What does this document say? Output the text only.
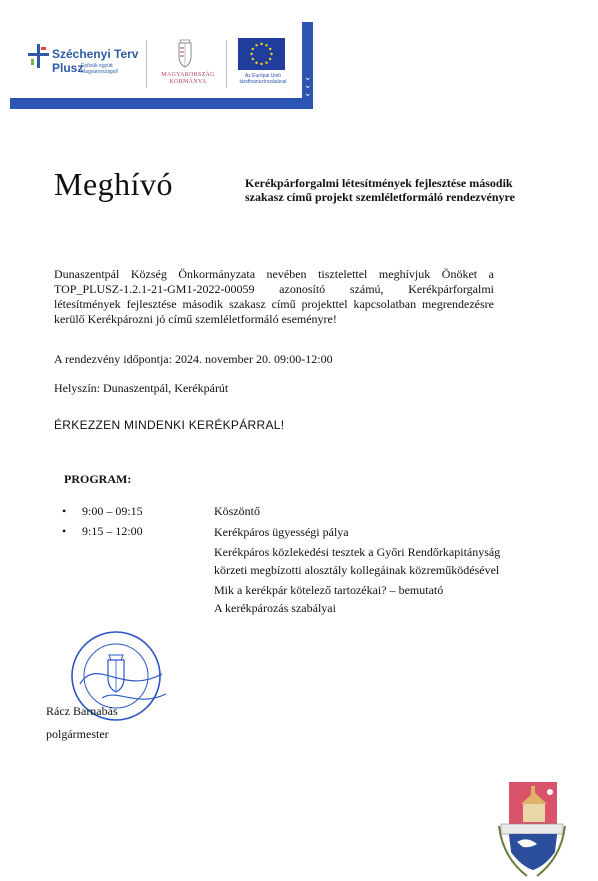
⌄
⌄
⌄
Széchenyi Terv
Plusz
Építsük együtt Magyarországot!	MAGYARORSZÁG KORMÁNYA
Az Európai Unió társfinanszírozásával
Meghívó	Kerékpárforgalmi létesítmények fejlesztése második szakasz című projekt szemléletformáló rendezvényre
Dunaszentpál Község Önkormányzata nevében tisztelettel meghívjuk Önöket a TOP_PLUSZ-1.2.1-21-GM1-2022-00059 azonosító számú, Kerékpárforgalmi létesítmények fejlesztése második szakasz című projekttel kapcsolatban megrendezésre kerülő Kerékpározni jó című szemléletformáló eseményre!
A rendezvény időpontja: 2024. november 20. 09:00-12:00
Helyszín: Dunaszentpál, Kerékpárút
ÉRKEZZEN MINDENKI KERÉKPÁRRAL!
PROGRAM:
•
•
9:00 – 09:15
9:15 – 12:00
Köszöntő
Kerékpáros ügyességi pálya
Kerékpáros közlekedési tesztek a Győri Rendőrkapitányság
körzeti megbízotti alosztály kollegáinak közreműködésével
Mik a kerékpár kötelező tartozékai? – bemutató
A kerékpározás szabályai
Rácz Barnabás
polgármester
